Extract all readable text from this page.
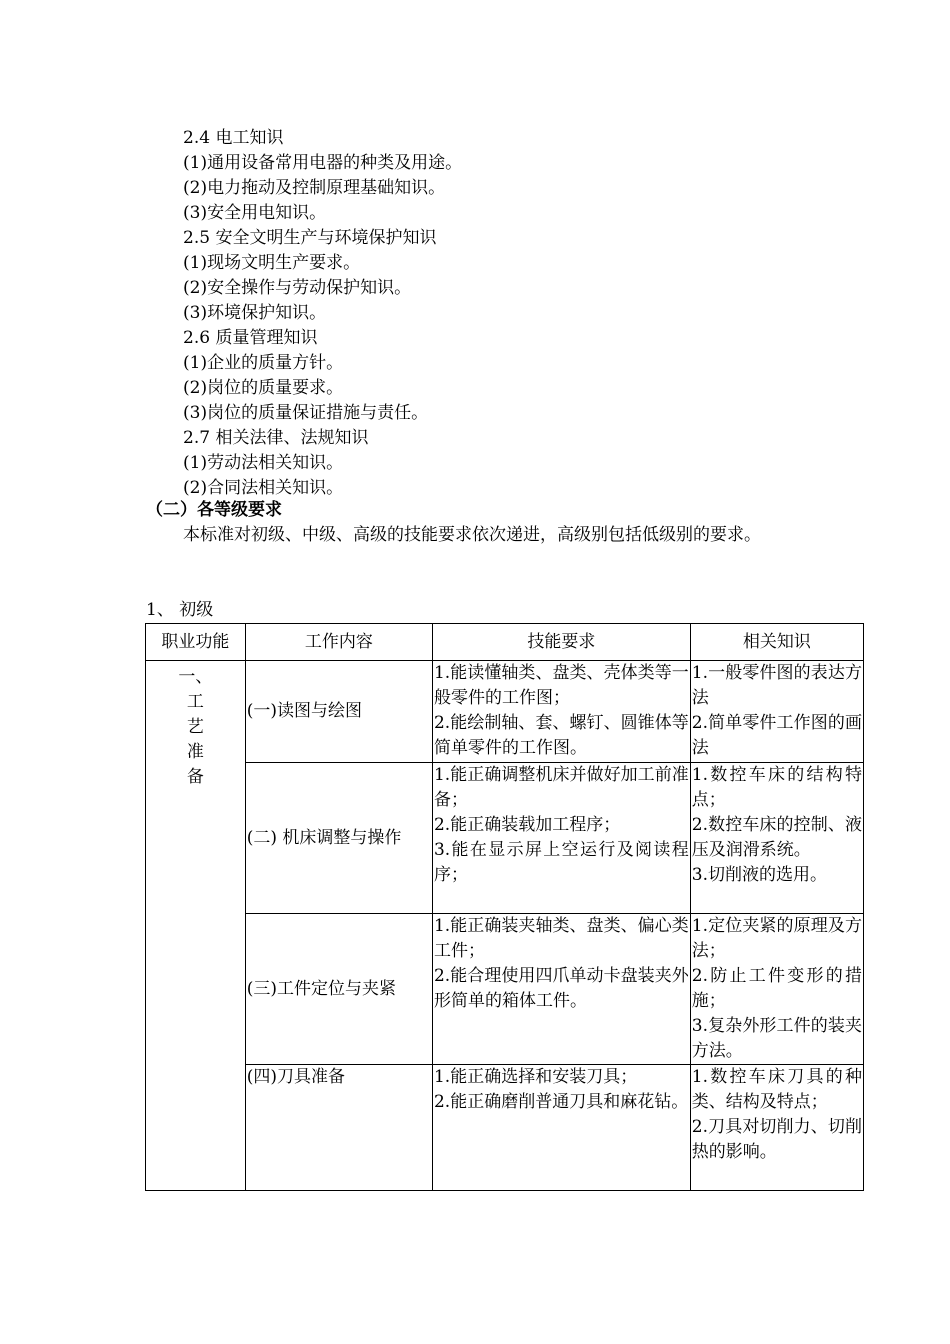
2.4 电工知识
(1)通用设备常用电器的种类及用途。
(2)电力拖动及控制原理基础知识。
(3)安全用电知识。
2.5 安全文明生产与环境保护知识
(1)现场文明生产要求。
(2)安全操作与劳动保护知识。
(3)环境保护知识。
2.6 质量管理知识
(1)企业的质量方针。
(2)岗位的质量要求。
(3)岗位的质量保证措施与责任。
2.7 相关法律、法规知识
(1)劳动法相关知识。
(2)合同法相关知识。
（二）各等级要求
本标准对初级、中级、高级的技能要求依次递进，高级别包括低级别的要求。
1、 初级
职业功能	工作内容	技能要求	相关知识

一、
工
艺
准
备	(一)读图与绘图	1.能读懂轴类、盘类、壳体类等一般零件的工作图；
2.能绘制轴、套、螺钉、圆锥体等简单零件的工作图。	1.一般零件图的表达方法
2.简单零件工作图的画法

	(二) 机床调整与操作	1.能正确调整机床并做好加工前准备；
2.能正确装载加工程序；
3.能在显示屏上空运行及阅读程序；	1.数控车床的结构特点；
2.数控车床的控制、液压及润滑系统。
3.切削液的选用。

	(三)工件定位与夹紧	1.能正确装夹轴类、盘类、偏心类工件；
2.能合理使用四爪单动卡盘装夹外形简单的箱体工件。	1.定位夹紧的原理及方法；
2.防止工件变形的措施；
3.复杂外形工件的装夹方法。

	(四)刀具准备	1.能正确选择和安装刀具；
2.能正确磨削普通刀具和麻花钻。	1.数控车床刀具的种类、结构及特点；
2.刀具对切削力、切削热的影响。
